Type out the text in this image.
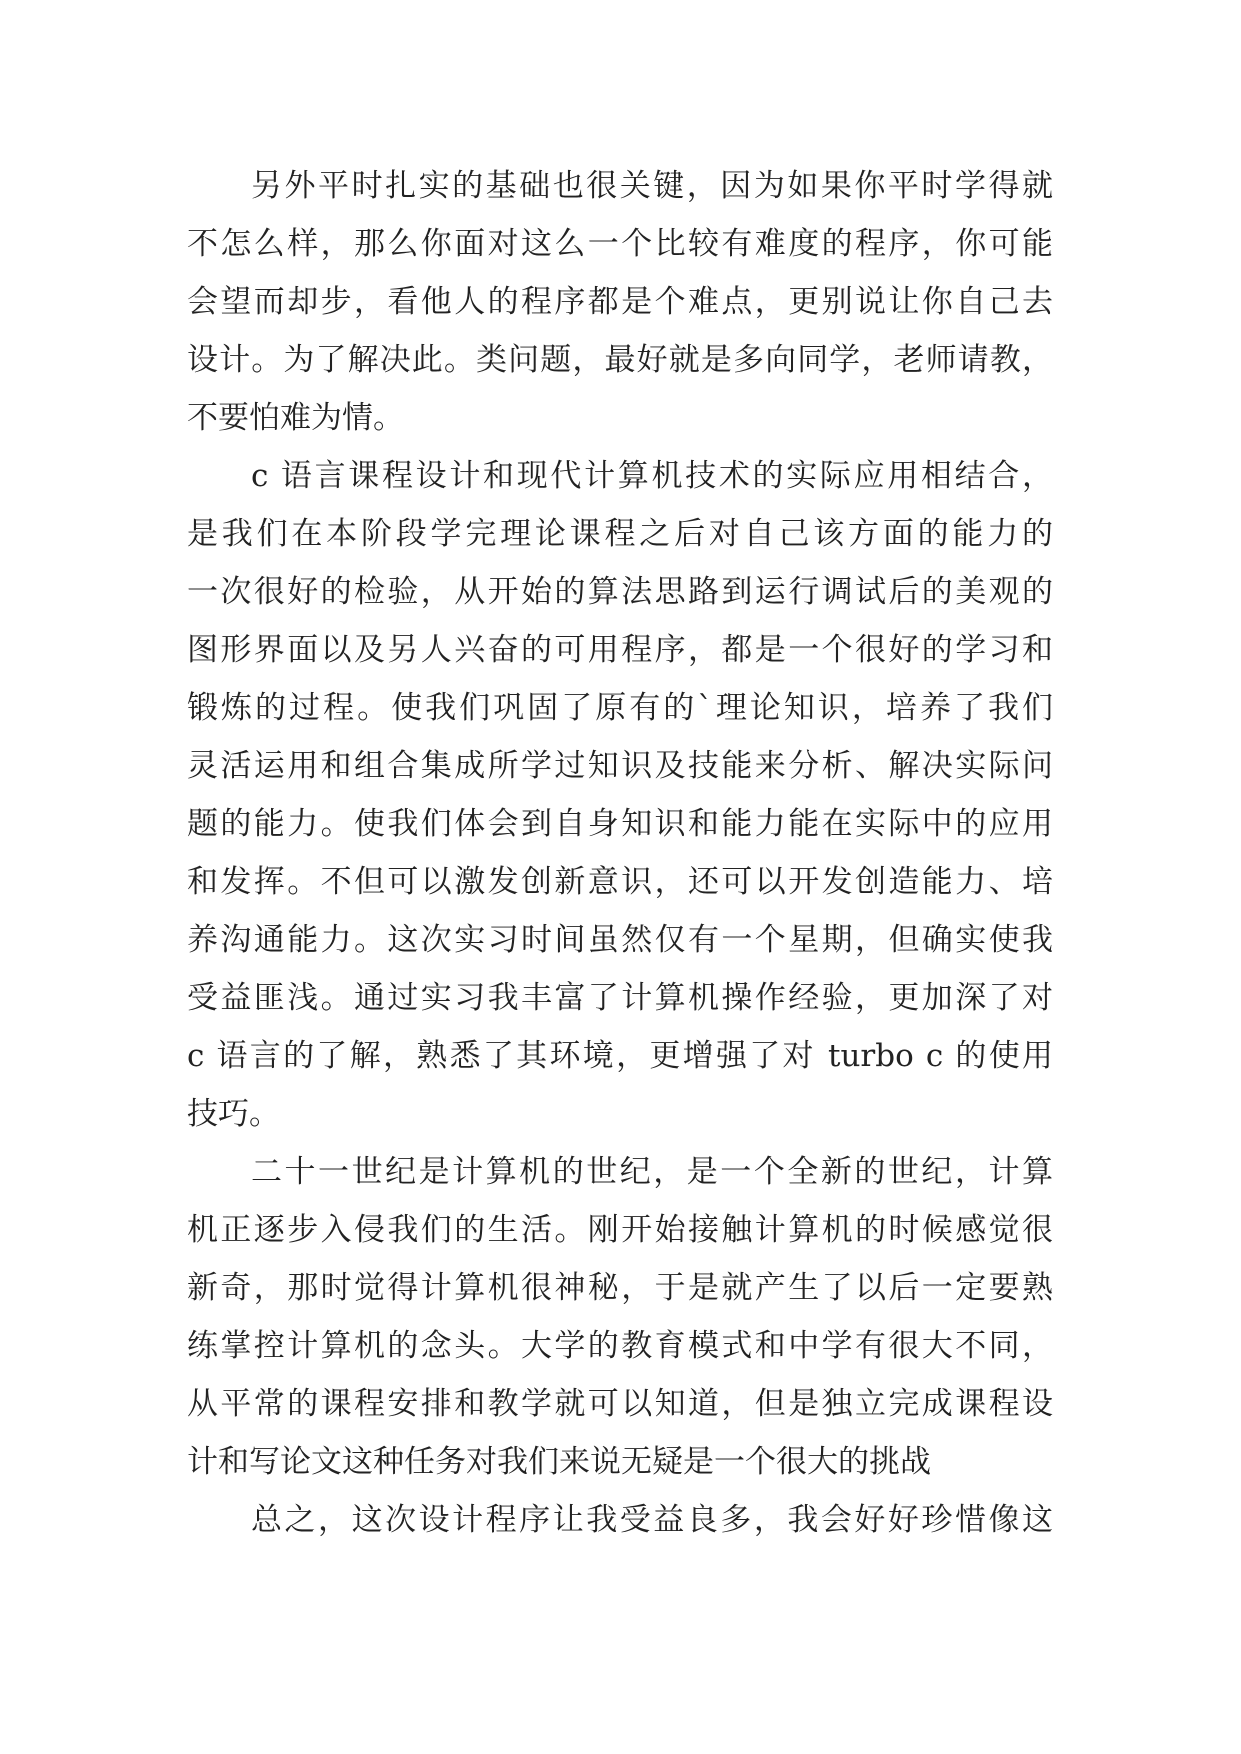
另外平时扎实的基础也很关键，因为如果你平时学得就
不怎么样，那么你面对这么一个比较有难度的程序，你可能
会望而却步，看他人的程序都是个难点，更别说让你自己去
设计。为了解决此。类问题，最好就是多向同学，老师请教，
不要怕难为情。
c 语言课程设计和现代计算机技术的实际应用相结合，
是我们在本阶段学完理论课程之后对自己该方面的能力的
一次很好的检验，从开始的算法思路到运行调试后的美观的
图形界面以及另人兴奋的可用程序，都是一个很好的学习和
锻炼的过程。使我们巩固了原有的`理论知识，培养了我们
灵活运用和组合集成所学过知识及技能来分析、解决实际问
题的能力。使我们体会到自身知识和能力能在实际中的应用
和发挥。不但可以激发创新意识，还可以开发创造能力、培
养沟通能力。这次实习时间虽然仅有一个星期，但确实使我
受益匪浅。通过实习我丰富了计算机操作经验，更加深了对
c 语言的了解，熟悉了其环境，更增强了对 turbo c 的使用
技巧。
二十一世纪是计算机的世纪，是一个全新的世纪，计算
机正逐步入侵我们的生活。刚开始接触计算机的时候感觉很
新奇，那时觉得计算机很神秘，于是就产生了以后一定要熟
练掌控计算机的念头。大学的教育模式和中学有很大不同，
从平常的课程安排和教学就可以知道，但是独立完成课程设
计和写论文这种任务对我们来说无疑是一个很大的挑战
总之，这次设计程序让我受益良多，我会好好珍惜像这
